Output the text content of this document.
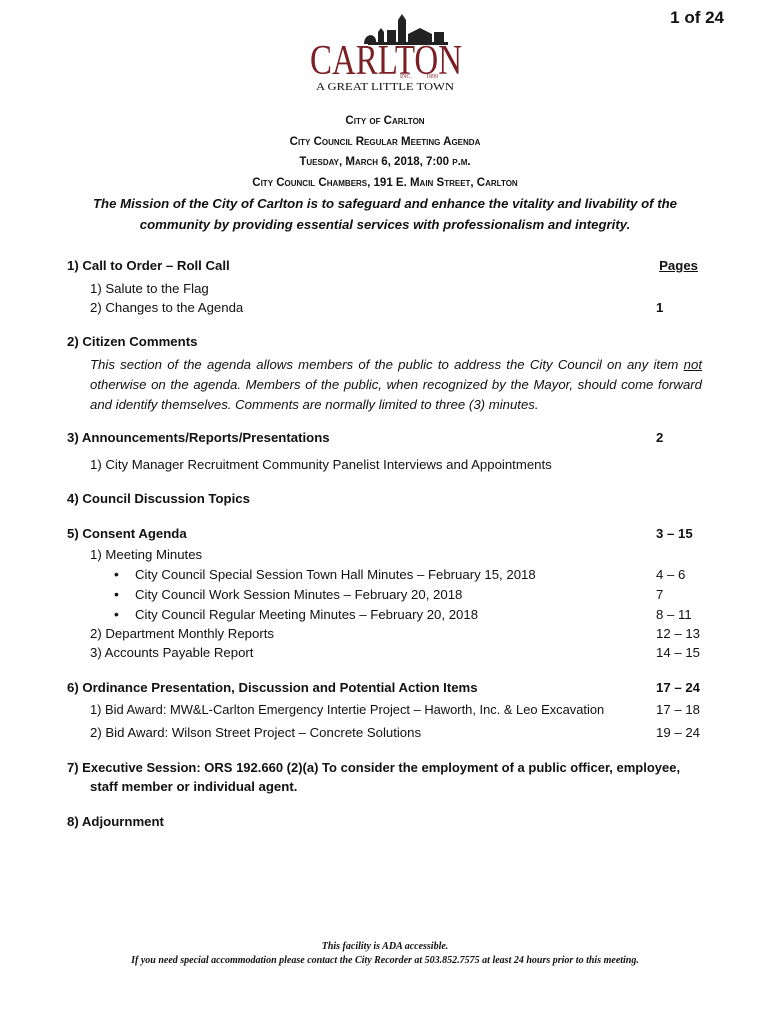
1 of 24
CARLTON
INC. 1899
A GREAT LITTLE TOWN
City of Carlton
City Council Regular Meeting Agenda
Tuesday, March 6, 2018, 7:00 p.m.
City Council Chambers, 191 E. Main Street, Carlton
The Mission of the City of Carlton is to safeguard and enhance the vitality and livability of the community by providing essential services with professionalism and integrity.
1) Call to Order – Roll Call	Pages
1) Salute to the Flag
2) Changes to the Agenda	1
2) Citizen Comments
This section of the agenda allows members of the public to address the City Council on any item not otherwise on the agenda. Members of the public, when recognized by the Mayor, should come forward and identify themselves. Comments are normally limited to three (3) minutes.
3) Announcements/Reports/Presentations	2
1) City Manager Recruitment Community Panelist Interviews and Appointments
4) Council Discussion Topics
5) Consent Agenda	3 – 15
1) Meeting Minutes
• City Council Special Session Town Hall Minutes – February 15, 2018	4 – 6
• City Council Work Session Minutes – February 20, 2018	7
• City Council Regular Meeting Minutes – February 20, 2018	8 – 11
2) Department Monthly Reports	12 – 13
3) Accounts Payable Report	14 – 15
6) Ordinance Presentation, Discussion and Potential Action Items	17 – 24
1) Bid Award: MW&L-Carlton Emergency Intertie Project – Haworth, Inc. & Leo Excavation	17 – 18
2) Bid Award: Wilson Street Project – Concrete Solutions	19 – 24
7) Executive Session: ORS 192.660 (2)(a) To consider the employment of a public officer, employee,
staff member or individual agent.
8) Adjournment
This facility is ADA accessible.
If you need special accommodation please contact the City Recorder at 503.852.7575 at least 24 hours prior to this meeting.
